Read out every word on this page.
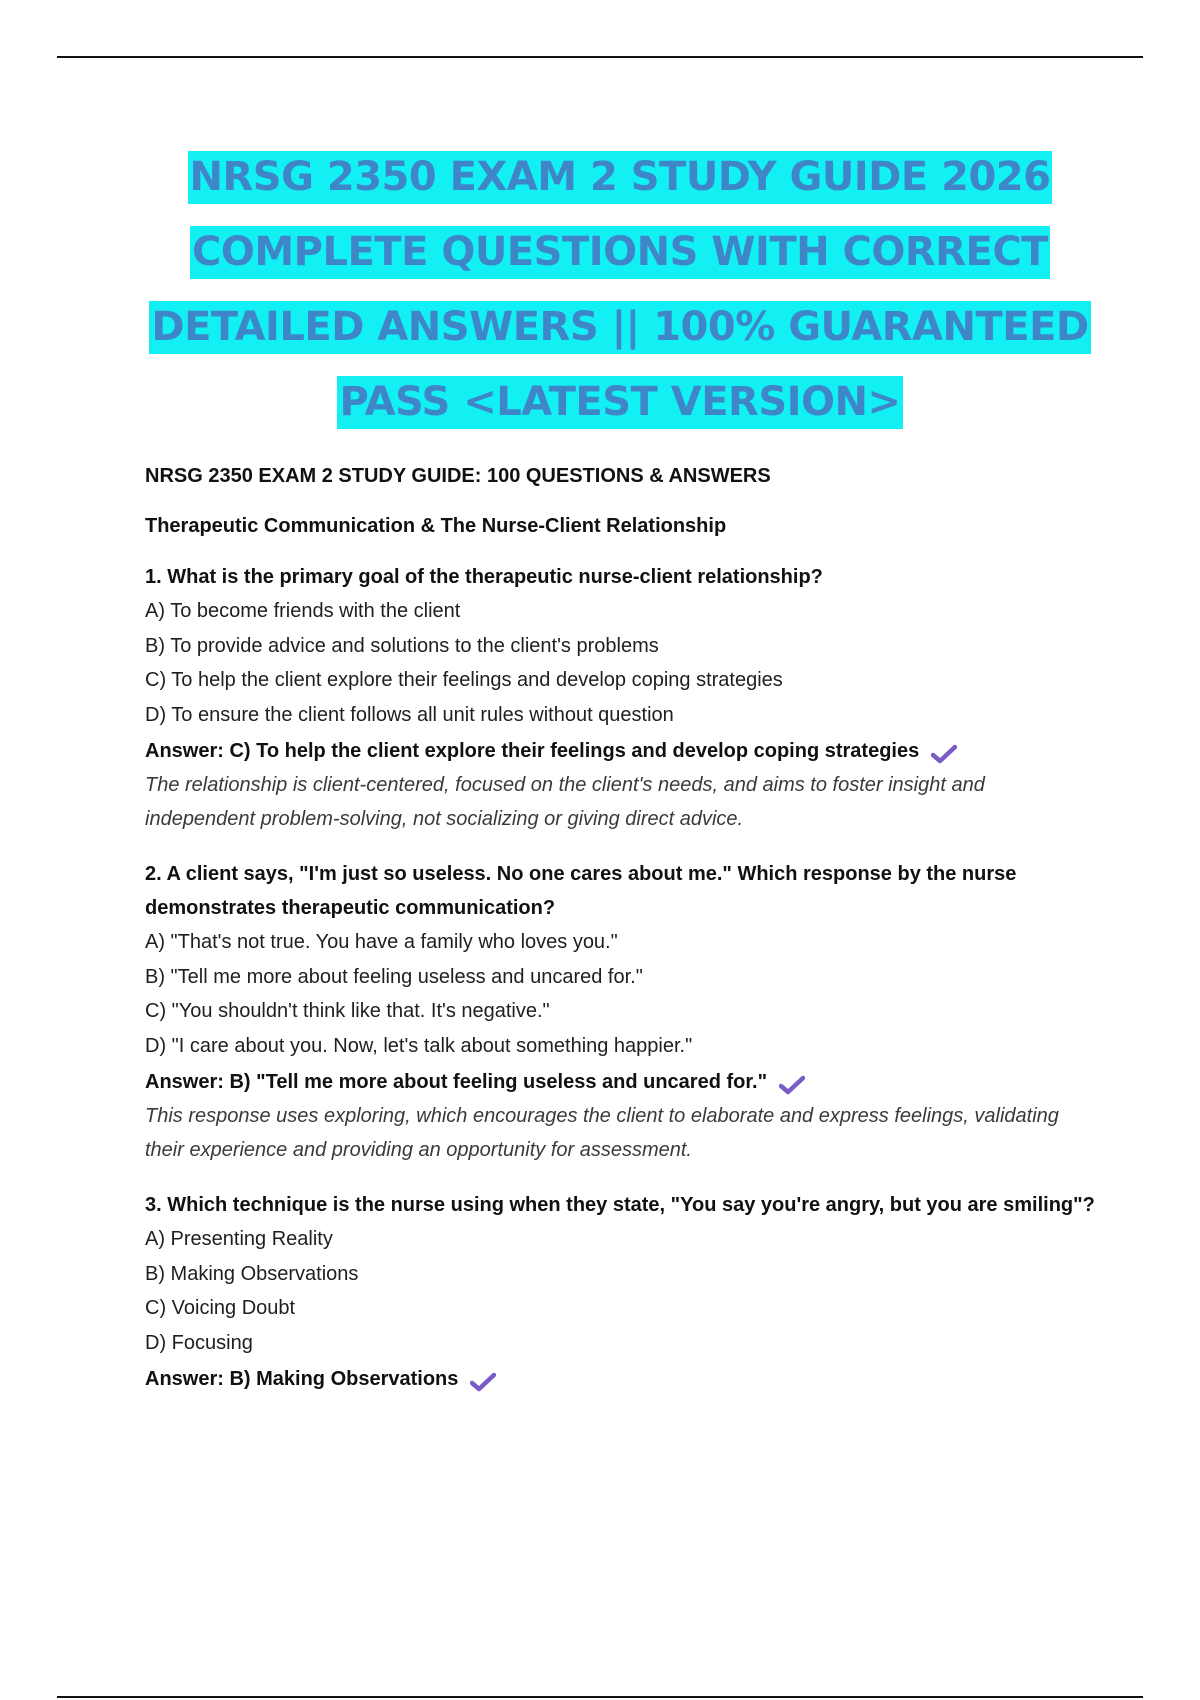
NRSG 2350 EXAM 2 STUDY GUIDE 2026
COMPLETE QUESTIONS WITH CORRECT
DETAILED ANSWERS || 100% GUARANTEED
PASS <LATEST VERSION>

NRSG 2350 EXAM 2 STUDY GUIDE: 100 QUESTIONS & ANSWERS

Therapeutic Communication & The Nurse-Client Relationship

1. What is the primary goal of the therapeutic nurse-client relationship?

A) To become friends with the client
B) To provide advice and solutions to the client's problems
C) To help the client explore their feelings and develop coping strategies
D) To ensure the client follows all unit rules without question

Answer: C) To help the client explore their feelings and develop coping strategies

The relationship is client-centered, focused on the client's needs, and aims to foster insight and independent problem-solving, not socializing or giving direct advice.

2. A client says, "I'm just so useless. No one cares about me." Which response by the nurse demonstrates therapeutic communication?

A) "That's not true. You have a family who loves you."
B) "Tell me more about feeling useless and uncared for."
C) "You shouldn't think like that. It's negative."
D) "I care about you. Now, let's talk about something happier."

Answer: B) "Tell me more about feeling useless and uncared for."

This response uses exploring, which encourages the client to elaborate and express feelings, validating their experience and providing an opportunity for assessment.

3. Which technique is the nurse using when they state, "You say you're angry, but you are smiling"?

A) Presenting Reality
B) Making Observations
C) Voicing Doubt
D) Focusing

Answer: B) Making Observations
